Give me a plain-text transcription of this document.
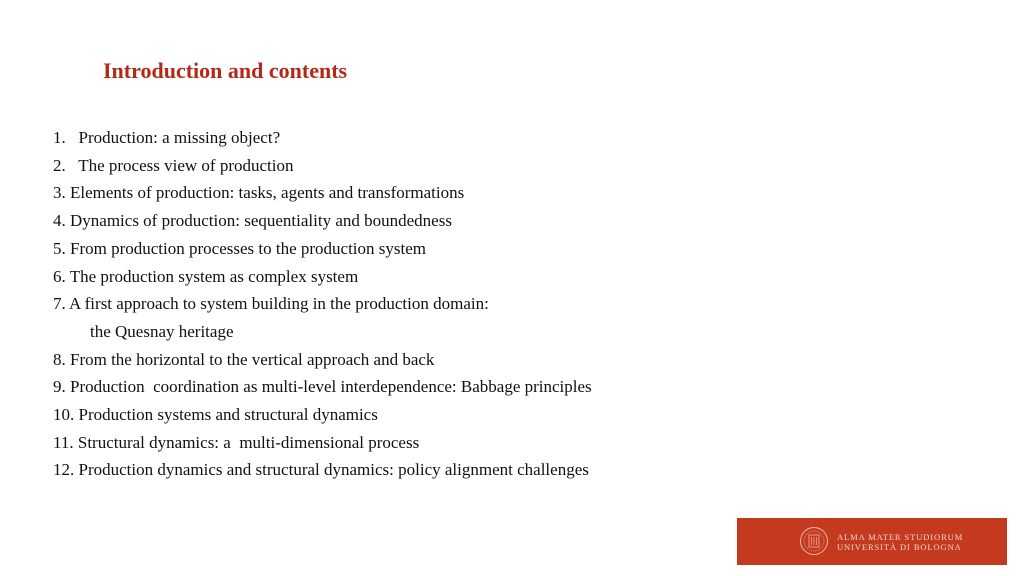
Introduction and contents
1.   Production: a missing object?
2.   The process view of production
3. Elements of production: tasks, agents and transformations
4. Dynamics of production: sequentiality and boundedness
5. From production processes to the production system
6. The production system as complex system
7. A first approach to system building in the production domain:
the Quesnay heritage
8. From the horizontal to the vertical approach and back
9. Production  coordination as multi-level interdependence: Babbage principles
10. Production systems and structural dynamics
11. Structural dynamics: a  multi-dimensional process
12. Production dynamics and structural dynamics: policy alignment challenges
ALMA MATER STUDIORUM
UNIVERSITÀ DI BOLOGNA
